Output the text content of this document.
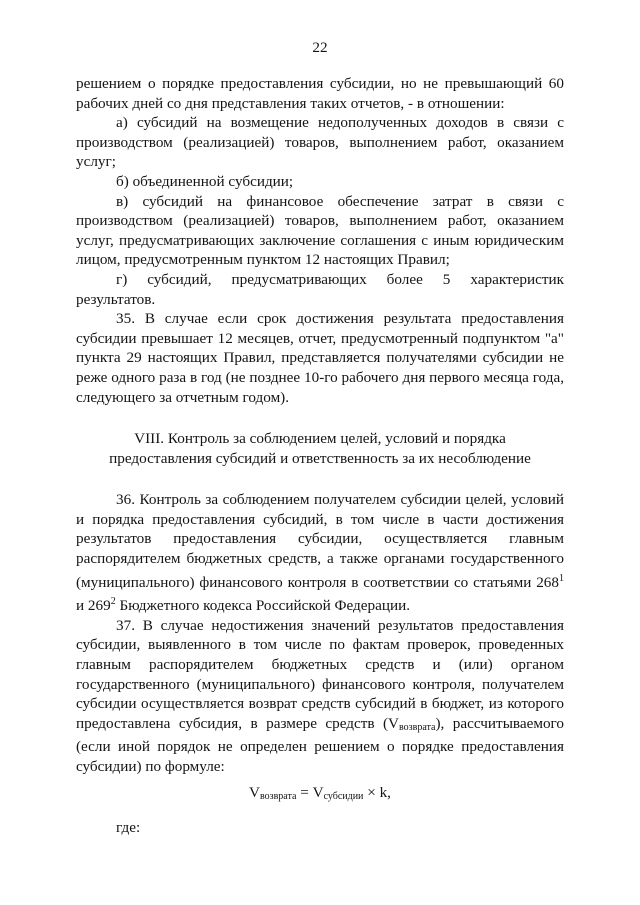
22

решением о порядке предоставления субсидии, но не превышающий 60 рабочих дней со дня представления таких отчетов, - в отношении:

а) субсидий на возмещение недополученных доходов в связи с производством (реализацией) товаров, выполнением работ, оказанием услуг;

б) объединенной субсидии;

в) субсидий на финансовое обеспечение затрат в связи с производством (реализацией) товаров, выполнением работ, оказанием услуг, предусматривающих заключение соглашения с иным юридическим лицом, предусмотренным пунктом 12 настоящих Правил;

г) субсидий, предусматривающих более 5 характеристик результатов.

35. В случае если срок достижения результата предоставления субсидии превышает 12 месяцев, отчет, предусмотренный подпунктом "а" пункта 29 настоящих Правил, представляется получателями субсидии не реже одного раза в год (не позднее 10-го рабочего дня первого месяца года, следующего за отчетным годом).

VIII. Контроль за соблюдением целей, условий и порядка
предоставления субсидий и ответственность за их несоблюдение

36. Контроль за соблюдением получателем субсидии целей, условий и порядка предоставления субсидий, в том числе в части достижения результатов предоставления субсидии, осуществляется главным распорядителем бюджетных средств, а также органами государственного (муниципального) финансового контроля в соответствии со статьями $268^1$ и $269^2$ Бюджетного кодекса Российской Федерации.

37. В случае недостижения значений результатов предоставления субсидии, выявленного в том числе по фактам проверок, проведенных главным распорядителем бюджетных средств и (или) органом государственного (муниципального) финансового контроля, получателем субсидии осуществляется возврат средств субсидий в бюджет, из которого предоставлена субсидия, в размере средств $(V_{возврата})$, рассчитываемого (если иной порядок не определен решением о порядке предоставления субсидии) по формуле:

$V_{возврата} = V_{субсидии} \times k$,

где:
